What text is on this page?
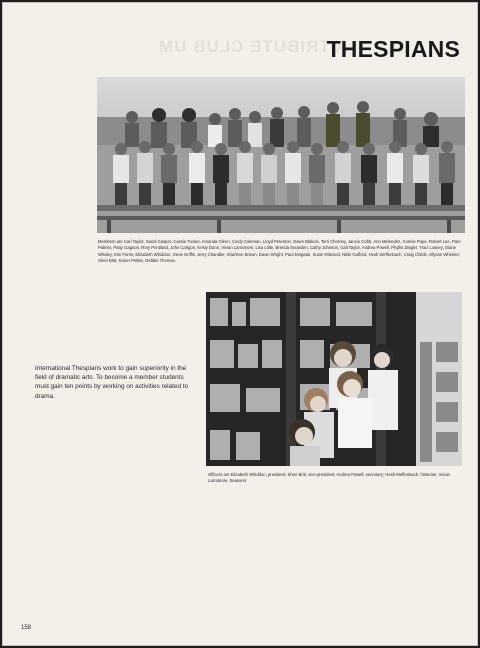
A TRIBUTE CLUB UM
THESPIANS
Members are Cari Taylor, Sandi Casper, Cassie Tucker, Amanda Glenn, Cindy Coleman, Lloyd Peterson, Dawn Blalock, Terri Chorney, Jancie Cobb, Ann Melendez, Connie Pope, Robert Lee, Pam Palmer, Patty Gagnon, Rory Pentland, John Carlgon, Kristy Dunn, Vivian Larramore, Lisa Little, Brenda Snowden, Cathy Johnson, Gail Taylor, Andrea Powell, Phyllis Zeigler, Traci Lowery, Diane Whaley, Kim Furris, Elizabeth Whiddon, Gene Griffis, Jerry Chandler, Sharlene Brown, Dawn Wright, Paul Delgado, Susie Ottwood, Nikki Gafford, Heidi Weffenbach, Craig Childs, Allyson Wheeler, Sheri Britt, Karen Pettite, Debbie Thomas.
International Thespians work to gain superiority in the field of dramatic arts. To become a member students must gain ten points by working on activities related to drama.
Officers are Elizabeth Whiddon, president; Sheri Britt, vice-president; Andrea Powell, secretary; Heidi Weffenbach, historian; Vivian Larramore, treasurer.
158
